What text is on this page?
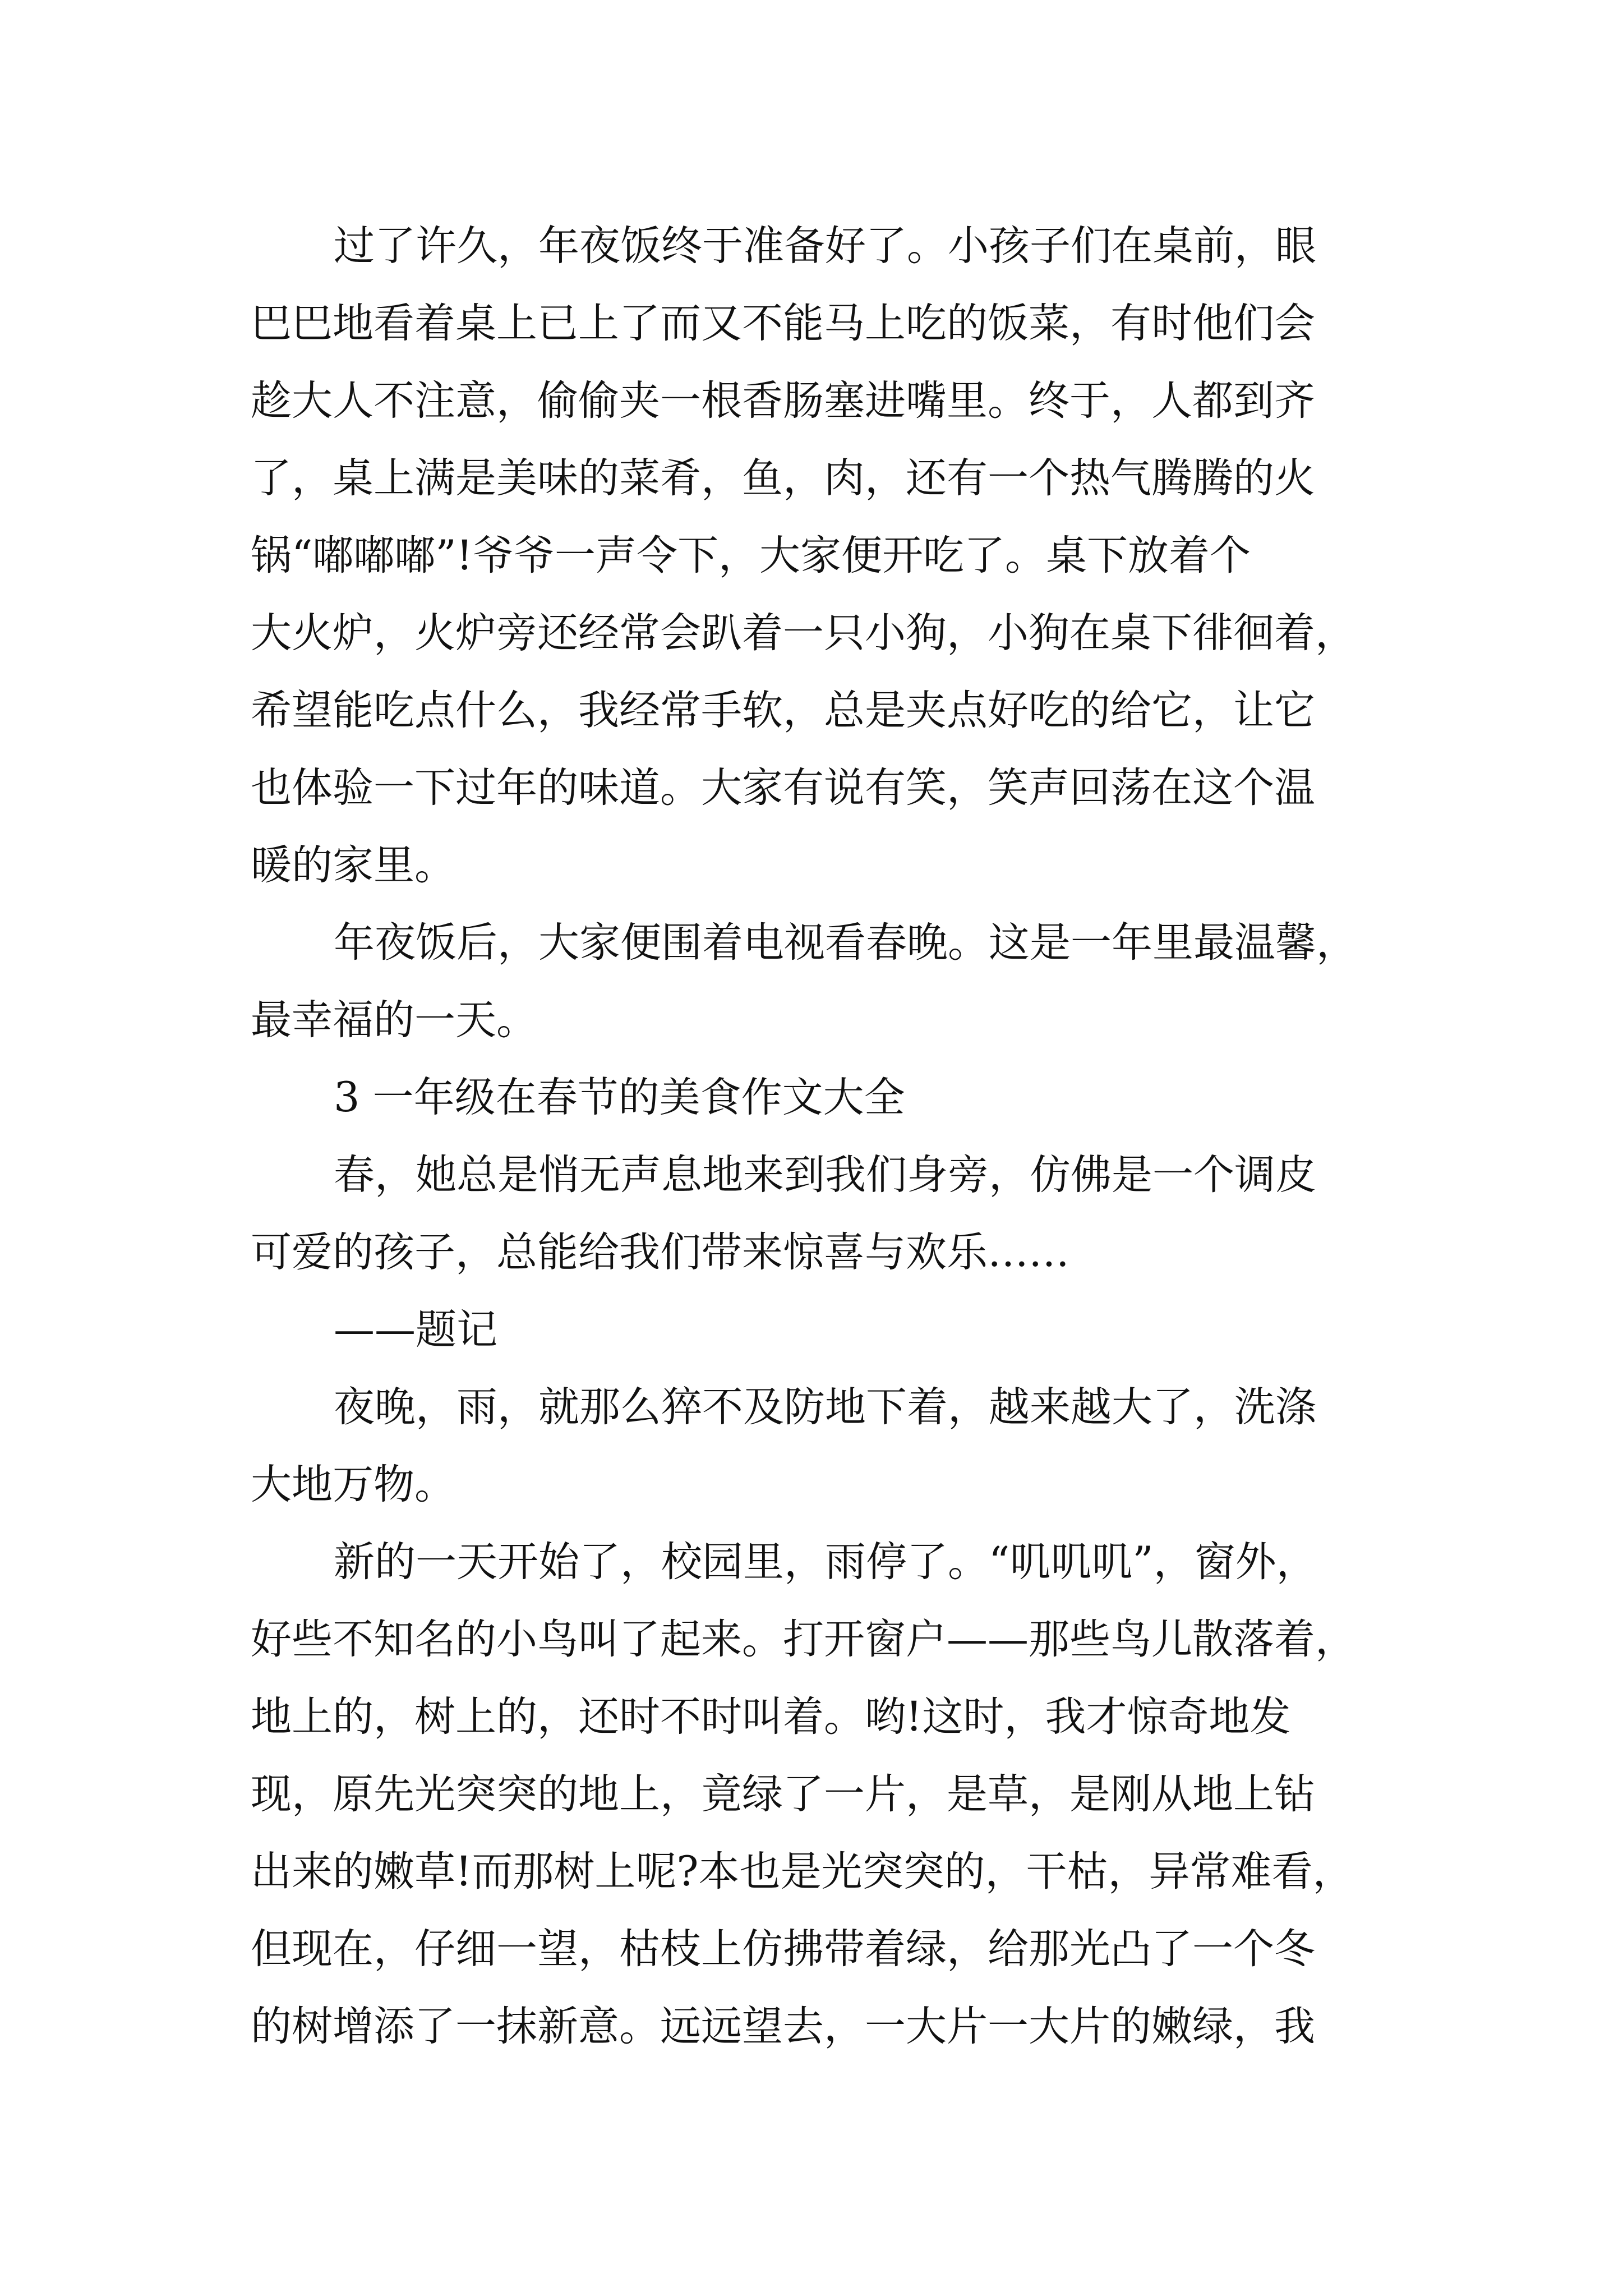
过了许久，年夜饭终于准备好了。小孩子们在桌前，眼
巴巴地看着桌上已上了而又不能马上吃的饭菜，有时他们会
趁大人不注意，偷偷夹一根香肠塞进嘴里。终于，人都到齐
了，桌上满是美味的菜肴，鱼，肉，还有一个热气腾腾的火
锅“嘟嘟嘟”!爷爷一声令下，大家便开吃了。桌下放着个
大火炉，火炉旁还经常会趴着一只小狗，小狗在桌下徘徊着，
希望能吃点什么，我经常手软，总是夹点好吃的给它，让它
也体验一下过年的味道。大家有说有笑，笑声回荡在这个温
暖的家里。
年夜饭后，大家便围着电视看春晚。这是一年里最温馨，
最幸福的一天。
3 一年级在春节的美食作文大全
春，她总是悄无声息地来到我们身旁，仿佛是一个调皮
可爱的孩子，总能给我们带来惊喜与欢乐……
——题记
夜晚，雨，就那么猝不及防地下着，越来越大了，洗涤
大地万物。
新的一天开始了，校园里，雨停了。“叽叽叽”，窗外，
好些不知名的小鸟叫了起来。打开窗户——那些鸟儿散落着，
地上的，树上的，还时不时叫着。哟!这时，我才惊奇地发
现，原先光突突的地上，竟绿了一片，是草，是刚从地上钻
出来的嫩草!而那树上呢?本也是光突突的，干枯，异常难看，
但现在，仔细一望，枯枝上仿拂带着绿，给那光凸了一个冬
的树增添了一抹新意。远远望去，一大片一大片的嫩绿，我
